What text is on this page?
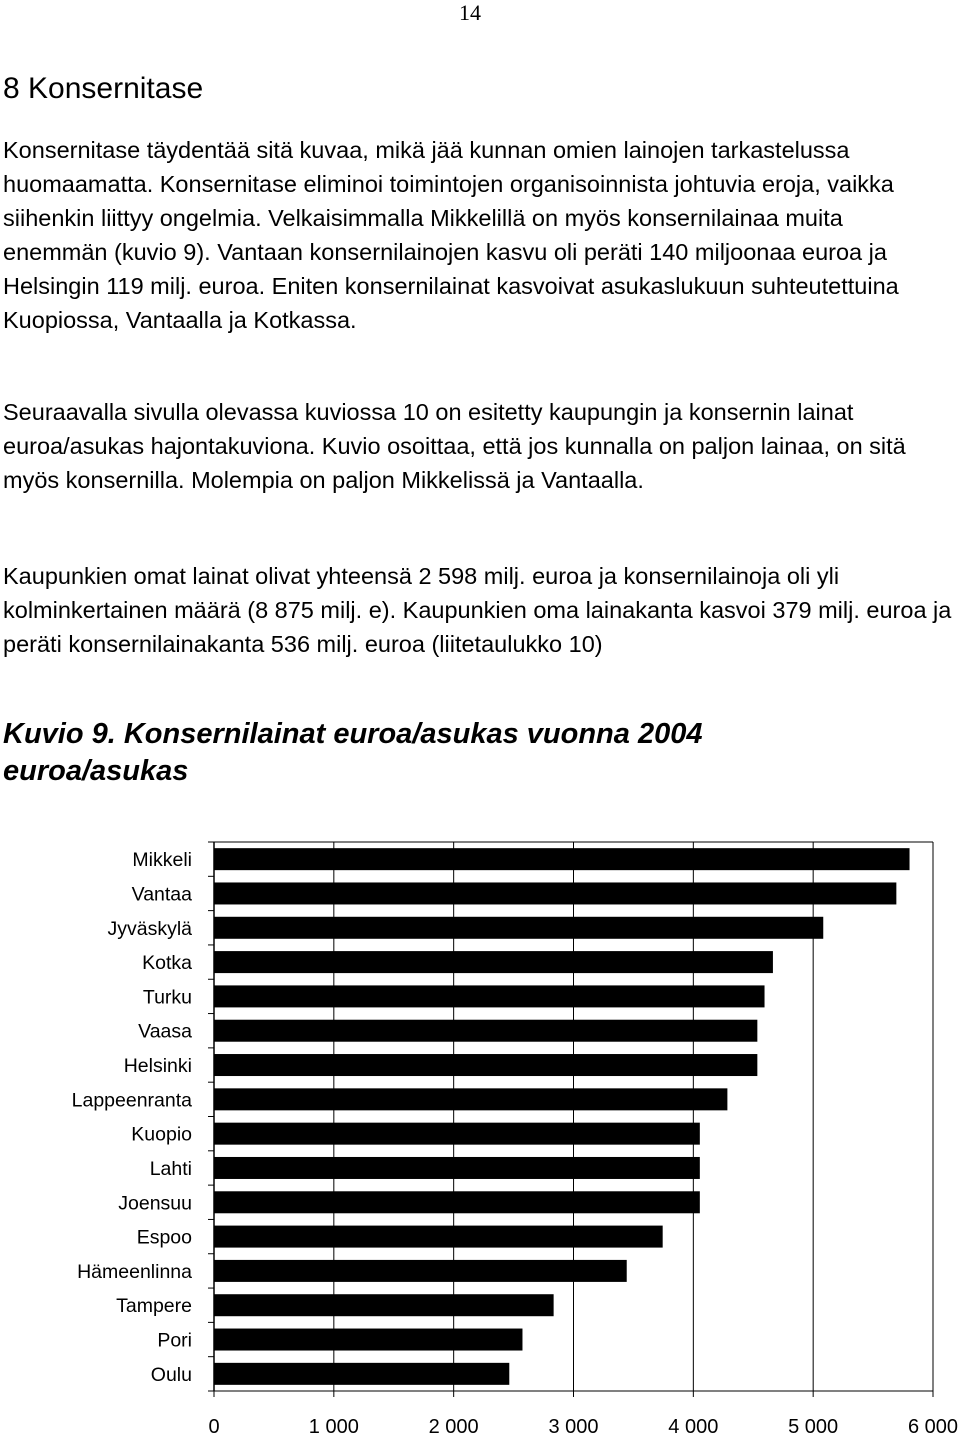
14
8 Konsernitase

Konsernitase täydentää sitä kuvaa, mikä jää kunnan omien lainojen tarkastelussa huomaamatta. Konsernitase eliminoi toimintojen organisoinnista johtuvia eroja, vaikka siihenkin liittyy ongelmia. Velkaisimmalla Mikkelillä on myös konsernilainaa muita enemmän (kuvio 9). Vantaan konsernilainojen kasvu oli peräti 140 miljoonaa euroa ja Helsingin 119 milj. euroa. Eniten konsernilainat kasvoivat asukaslukuun suhteutettuina Kuopiossa, Vantaalla ja Kotkassa.

Seuraavalla sivulla olevassa kuviossa 10 on esitetty kaupungin ja konsernin lainat euroa/asukas hajontakuviona. Kuvio osoittaa, että jos kunnalla on paljon lainaa, on sitä myös konsernilla. Molempia on paljon Mikkelissä ja Vantaalla.

Kaupunkien omat lainat olivat yhteensä 2 598 milj. euroa ja konsernilainoja oli yli kolminkertainen määrä (8 875 milj. e). Kaupunkien oma lainakanta kasvoi 379 milj. euroa ja peräti konsernilainakanta 536 milj. euroa (liitetaulukko 10)

Kuvio 9. Konsernilainat euroa/asukas vuonna 2004
euroa/asukas
0	1 000	2 000	3 000	4 000	5 000	6 000
Mikkeli
Vantaa
Jyväskylä
Kotka
Turku
Vaasa
Helsinki
Lappeenranta
Kuopio
Lahti
Joensuu
Espoo
Hämeenlinna
Tampere
Pori
Oulu
